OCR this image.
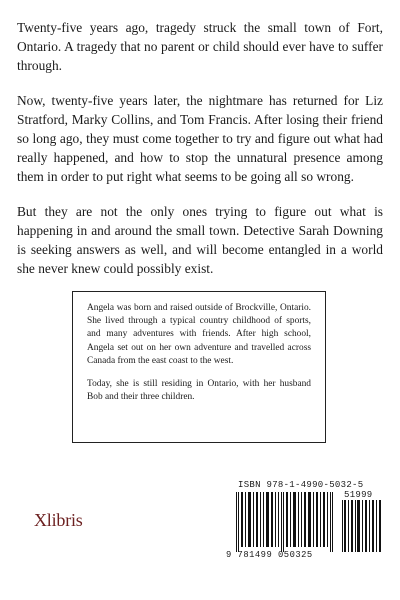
Twenty-five years ago, tragedy struck the small town of Fort, Ontario. A tragedy that no parent or child should ever have to suffer through.

Now, twenty-five years later, the nightmare has returned for Liz Stratford, Marky Collins, and Tom Francis. After losing their friend so long ago, they must come together to try and figure out what had really happened, and how to stop the unnatural presence among them in order to put right what seems to be going all so wrong.

But they are not the only ones trying to figure out what is happening in and around the small town. Detective Sarah Downing is seeking answers as well, and will become entangled in a world she never knew could possibly exist.

Angela was born and raised outside of Brockville, Ontario. She lived through a typical country childhood of sports, and many adventures with friends. After high school, Angela set out on her own adventure and travelled across Canada from the east coast to the west.

Today, she is still residing in Ontario, with her husband Bob and their three children.

Xlibris
ISBN 978-1-4990-5032-5
51999
9 781499 050325
